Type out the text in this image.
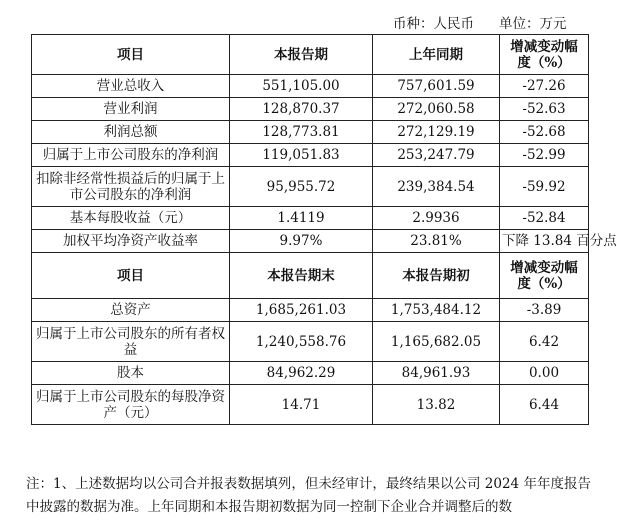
币种：人民币 单位：万元
项目	本报告期	上年同期	增减变动幅度（%）
营业总收入	551,105.00	757,601.59	-27.26
营业利润	128,870.37	272,060.58	-52.63
利润总额	128,773.81	272,129.19	-52.68
归属于上市公司股东的净利润	119,051.83	253,247.79	-52.99
扣除非经常性损益后的归属于上市公司股东的净利润	95,955.72	239,384.54	-59.92
基本每股收益（元）	1.4119	2.9936	-52.84
加权平均净资产收益率	9.97%	23.81%	下降 13.84 百分点
项目	本报告期末	本报告期初	增减变动幅度（%）
总资产	1,685,261.03	1,753,484.12	-3.89
归属于上市公司股东的所有者权益	1,240,558.76	1,165,682.05	6.42
股本	84,962.29	84,961.93	0.00
归属于上市公司股东的每股净资产（元）	14.71	13.82	6.44
注：1、上述数据均以公司合并报表数据填列，但未经审计，最终结果以公司 2024 年年度报告中披露的数据为准。上年同期和本报告期初数据为同一控制下企业合并调整后的数
